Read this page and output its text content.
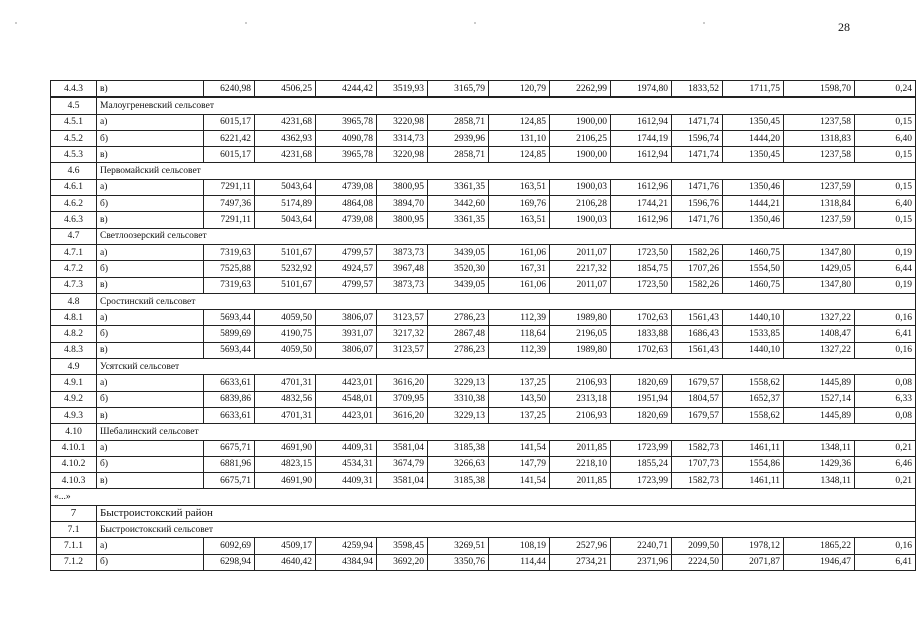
28
4.4.3	в)	6240,98	4506,25	4244,42	3519,93	3165,79	120,79	2262,99	1974,80	1833,52	1711,75	1598,70	0,24
4.5	Малоугреневский сельсовет												
4.5.1	а)	6015,17	4231,68	3965,78	3220,98	2858,71	124,85	1900,00	1612,94	1471,74	1350,45	1237,58	0,15
4.5.2	б)	6221,42	4362,93	4090,78	3314,73	2939,96	131,10	2106,25	1744,19	1596,74	1444,20	1318,83	6,40
4.5.3	в)	6015,17	4231,68	3965,78	3220,98	2858,71	124,85	1900,00	1612,94	1471,74	1350,45	1237,58	0,15
4.6	Первомайский сельсовет												
4.6.1	а)	7291,11	5043,64	4739,08	3800,95	3361,35	163,51	1900,03	1612,96	1471,76	1350,46	1237,59	0,15
4.6.2	б)	7497,36	5174,89	4864,08	3894,70	3442,60	169,76	2106,28	1744,21	1596,76	1444,21	1318,84	6,40
4.6.3	в)	7291,11	5043,64	4739,08	3800,95	3361,35	163,51	1900,03	1612,96	1471,76	1350,46	1237,59	0,15
4.7	Светлоозерский сельсовет												
4.7.1	а)	7319,63	5101,67	4799,57	3873,73	3439,05	161,06	2011,07	1723,50	1582,26	1460,75	1347,80	0,19
4.7.2	б)	7525,88	5232,92	4924,57	3967,48	3520,30	167,31	2217,32	1854,75	1707,26	1554,50	1429,05	6,44
4.7.3	в)	7319,63	5101,67	4799,57	3873,73	3439,05	161,06	2011,07	1723,50	1582,26	1460,75	1347,80	0,19
4.8	Сростинский сельсовет												
4.8.1	а)	5693,44	4059,50	3806,07	3123,57	2786,23	112,39	1989,80	1702,63	1561,43	1440,10	1327,22	0,16
4.8.2	б)	5899,69	4190,75	3931,07	3217,32	2867,48	118,64	2196,05	1833,88	1686,43	1533,85	1408,47	6,41
4.8.3	в)	5693,44	4059,50	3806,07	3123,57	2786,23	112,39	1989,80	1702,63	1561,43	1440,10	1327,22	0,16
4.9	Усятский сельсовет												
4.9.1	а)	6633,61	4701,31	4423,01	3616,20	3229,13	137,25	2106,93	1820,69	1679,57	1558,62	1445,89	0,08
4.9.2	б)	6839,86	4832,56	4548,01	3709,95	3310,38	143,50	2313,18	1951,94	1804,57	1652,37	1527,14	6,33
4.9.3	в)	6633,61	4701,31	4423,01	3616,20	3229,13	137,25	2106,93	1820,69	1679,57	1558,62	1445,89	0,08
4.10	Шебалинский сельсовет												
4.10.1	а)	6675,71	4691,90	4409,31	3581,04	3185,38	141,54	2011,85	1723,99	1582,73	1461,11	1348,11	0,21
4.10.2	б)	6881,96	4823,15	4534,31	3674,79	3266,63	147,79	2218,10	1855,24	1707,73	1554,86	1429,36	6,46
4.10.3	в)	6675,71	4691,90	4409,31	3581,04	3185,38	141,54	2011,85	1723,99	1582,73	1461,11	1348,11	0,21
«...»													
7	Быстроистокский район												
7.1	Быстроистокский сельсовет												
7.1.1	а)	6092,69	4509,17	4259,94	3598,45	3269,51	108,19	2527,96	2240,71	2099,50	1978,12	1865,22	0,16
7.1.2	б)	6298,94	4640,42	4384,94	3692,20	3350,76	114,44	2734,21	2371,96	2224,50	2071,87	1946,47	6,41
